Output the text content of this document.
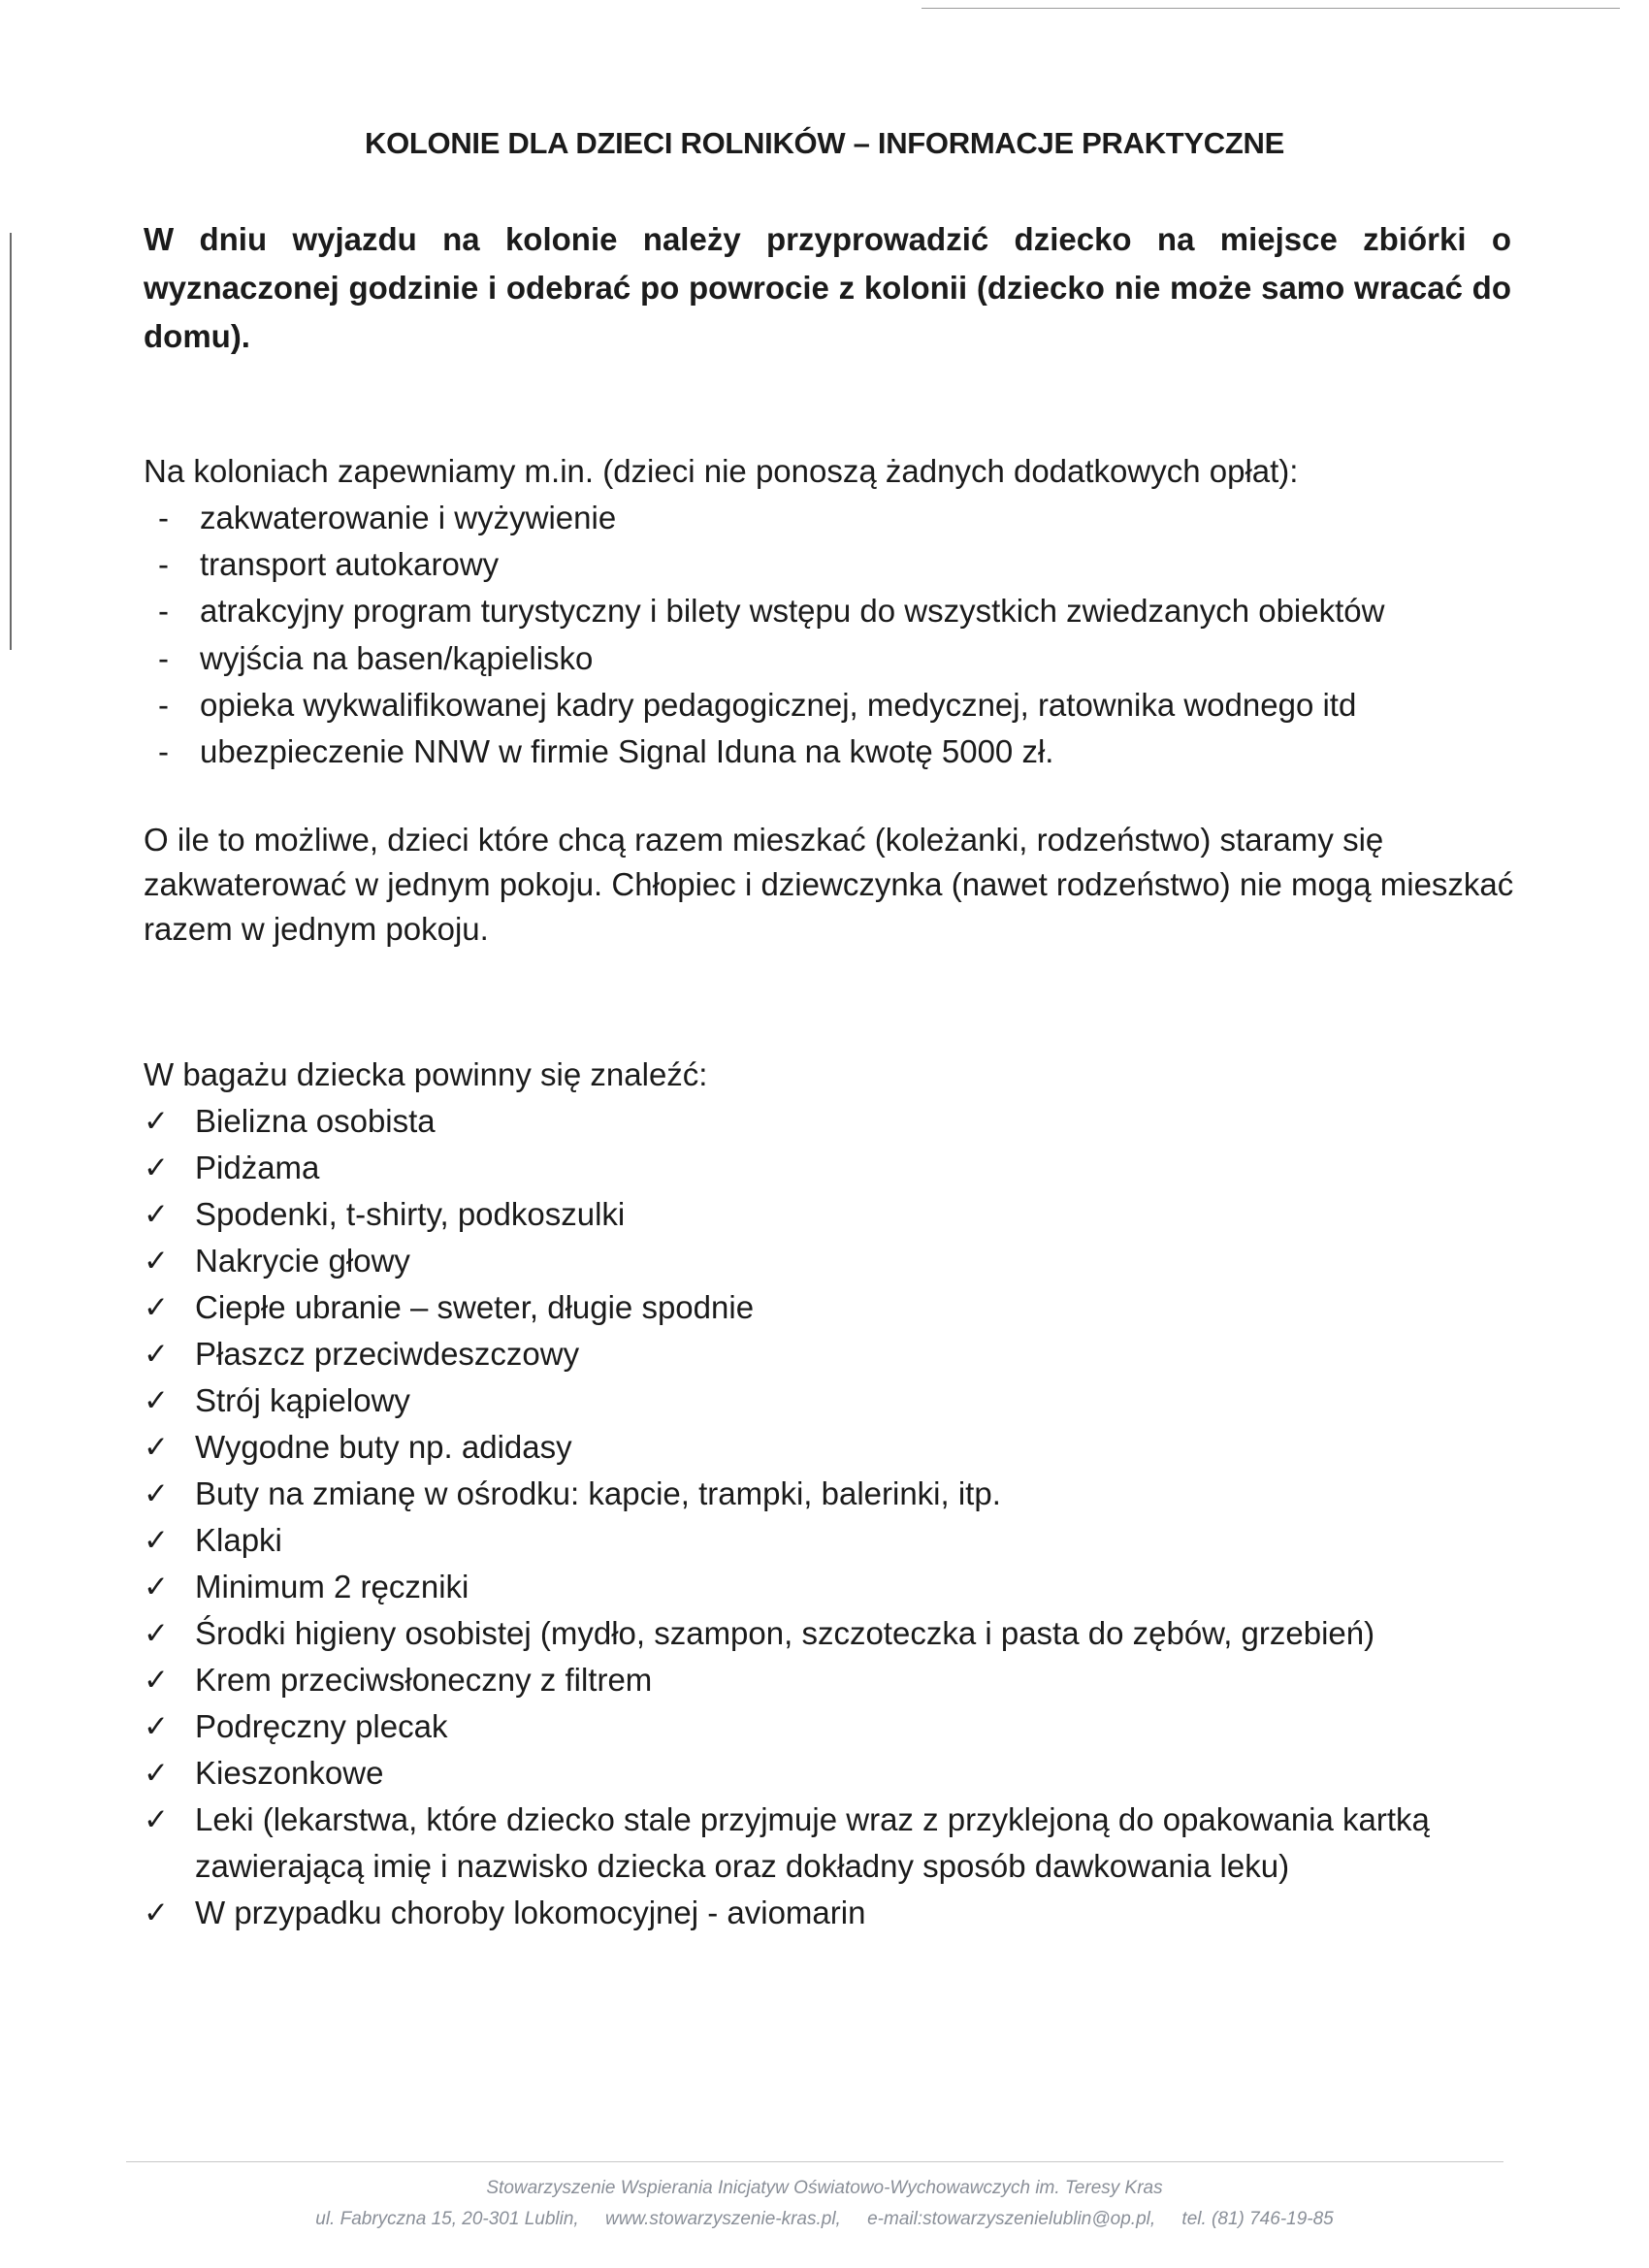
KOLONIE DLA DZIECI ROLNIKÓW – INFORMACJE PRAKTYCZNE

W dniu wyjazdu na kolonie należy przyprowadzić dziecko na miejsce zbiórki o wyznaczonej godzinie i odebrać po powrocie z kolonii (dziecko nie może samo wracać do domu).

Na koloniach zapewniamy m.in. (dzieci nie ponoszą żadnych dodatkowych opłat):

- zakwaterowanie i wyżywienie
- transport autokarowy
- atrakcyjny program turystyczny i bilety wstępu do wszystkich zwiedzanych obiektów
- wyjścia na basen/kąpielisko
- opieka wykwalifikowanej kadry pedagogicznej, medycznej, ratownika wodnego itd
- ubezpieczenie NNW w firmie Signal Iduna na kwotę 5000 zł.

O ile to możliwe, dzieci które chcą razem mieszkać (koleżanki, rodzeństwo) staramy się zakwaterować w jednym pokoju. Chłopiec i dziewczynka (nawet rodzeństwo) nie mogą mieszkać razem w jednym pokoju.

W bagażu dziecka powinny się znaleźć:

✓ Bielizna osobista
✓ Pidżama
✓ Spodenki, t-shirty, podkoszulki
✓ Nakrycie głowy
✓ Ciepłe ubranie – sweter, długie spodnie
✓ Płaszcz przeciwdeszczowy
✓ Strój kąpielowy
✓ Wygodne buty np. adidasy
✓ Buty na zmianę w ośrodku: kapcie, trampki, balerinki, itp.
✓ Klapki
✓ Minimum 2 ręczniki
✓ Środki higieny osobistej (mydło, szampon, szczoteczka i pasta do zębów, grzebień)
✓ Krem przeciwsłoneczny z filtrem
✓ Podręczny plecak
✓ Kieszonkowe
✓ Leki (lekarstwa, które dziecko stale przyjmuje wraz z przyklejoną do opakowania kartką zawierającą imię i nazwisko dziecka oraz dokładny sposób dawkowania leku)
✓ W przypadku choroby lokomocyjnej - aviomarin
Stowarzyszenie Wspierania Inicjatyw Oświatowo-Wychowawczych im. Teresy Kras
ul. Fabryczna 15, 20-301 Lublin, www.stowarzyszenie-kras.pl, e-mail:stowarzyszenielublin@op.pl, tel. (81) 746-19-85
